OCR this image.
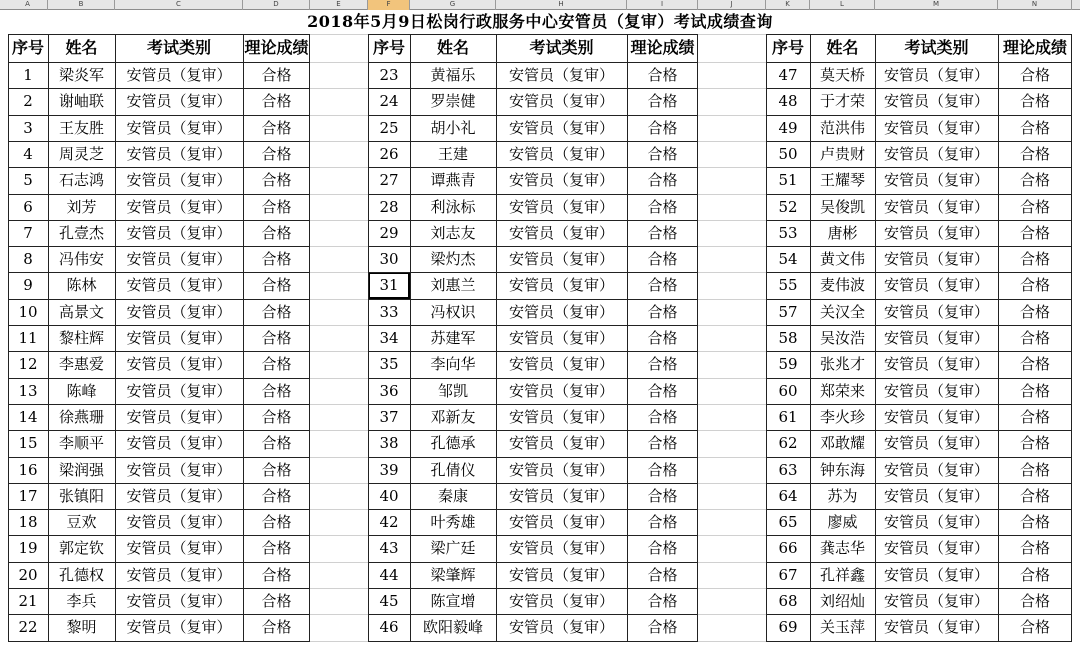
A	B	C	D	E	F	G	H	I	J	K	L	M	N
2018年5月9日松岗行政服务中心安管员（复审）考试成绩查询
序号	姓名	考试类别	理论成绩
1	梁炎军	安管员（复审）	合格
2	谢岫联	安管员（复审）	合格
3	王友胜	安管员（复审）	合格
4	周灵芝	安管员（复审）	合格
5	石志鸿	安管员（复审）	合格
6	刘芳	安管员（复审）	合格
7	孔壹杰	安管员（复审）	合格
8	冯伟安	安管员（复审）	合格
9	陈林	安管员（复审）	合格
10	高景文	安管员（复审）	合格
11	黎柱辉	安管员（复审）	合格
12	李惠爱	安管员（复审）	合格
13	陈峰	安管员（复审）	合格
14	徐燕珊	安管员（复审）	合格
15	李顺平	安管员（复审）	合格
16	梁润强	安管员（复审）	合格
17	张镇阳	安管员（复审）	合格
18	豆欢	安管员（复审）	合格
19	郭定钦	安管员（复审）	合格
20	孔德权	安管员（复审）	合格
21	李兵	安管员（复审）	合格
22	黎明	安管员（复审）	合格
序号	姓名	考试类别	理论成绩
23	黄福乐	安管员（复审）	合格
24	罗崇健	安管员（复审）	合格
25	胡小礼	安管员（复审）	合格
26	王建	安管员（复审）	合格
27	谭燕青	安管员（复审）	合格
28	利泳标	安管员（复审）	合格
29	刘志友	安管员（复审）	合格
30	梁灼杰	安管员（复审）	合格
31	刘惠兰	安管员（复审）	合格
33	冯权识	安管员（复审）	合格
34	苏建军	安管员（复审）	合格
35	李向华	安管员（复审）	合格
36	邹凯	安管员（复审）	合格
37	邓新友	安管员（复审）	合格
38	孔德承	安管员（复审）	合格
39	孔倩仪	安管员（复审）	合格
40	秦康	安管员（复审）	合格
42	叶秀雄	安管员（复审）	合格
43	梁广廷	安管员（复审）	合格
44	梁肇辉	安管员（复审）	合格
45	陈宣增	安管员（复审）	合格
46	欧阳毅峰	安管员（复审）	合格
序号	姓名	考试类别	理论成绩
47	莫天桥	安管员（复审）	合格
48	于才荣	安管员（复审）	合格
49	范洪伟	安管员（复审）	合格
50	卢贵财	安管员（复审）	合格
51	王耀琴	安管员（复审）	合格
52	吴俊凯	安管员（复审）	合格
53	唐彬	安管员（复审）	合格
54	黄文伟	安管员（复审）	合格
55	麦伟波	安管员（复审）	合格
57	关汉全	安管员（复审）	合格
58	吴汝浩	安管员（复审）	合格
59	张兆才	安管员（复审）	合格
60	郑荣来	安管员（复审）	合格
61	李火珍	安管员（复审）	合格
62	邓敢耀	安管员（复审）	合格
63	钟东海	安管员（复审）	合格
64	苏为	安管员（复审）	合格
65	廖威	安管员（复审）	合格
66	龚志华	安管员（复审）	合格
67	孔祥鑫	安管员（复审）	合格
68	刘绍灿	安管员（复审）	合格
69	关玉萍	安管员（复审）	合格
